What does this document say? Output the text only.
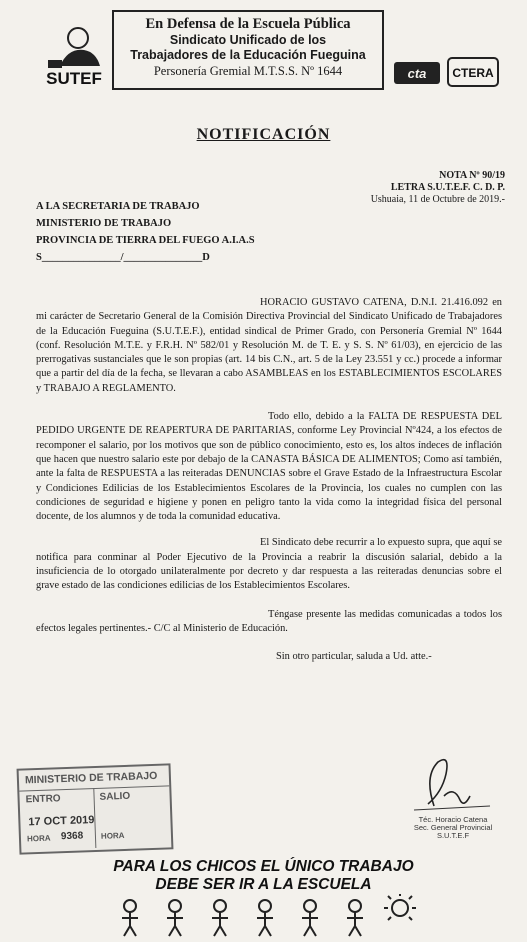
SUTEF
En Defensa de la Escuela Pública
Sindicato Unificado de los
Trabajadores de la Educación Fueguina
Personería Gremial M.T.S.S. Nº 1644	cta CTERA
NOTIFICACIÓN
NOTA Nº 90/19
LETRA S.U.T.E.F. C. D. P.
Ushuaia, 11 de Octubre de 2019.-
A LA SECRETARIA DE TRABAJO
MINISTERIO DE TRABAJO
PROVINCIA DE TIERRA DEL FUEGO A.I.A.S
S_______________/_______________D

HORACIO GUSTAVO CATENA, D.N.I. 21.416.092 en mi carácter de Secretario General de la Comisión Directiva Provincial del Sindicato Unificado de Trabajadores de la Educación Fueguina (S.U.T.E.F.), entidad sindical de Primer Grado, con Personería Gremial Nº 1644 (conf. Resolución M.T.E. y F.R.H. Nº 582/01 y Resolución M. de T. E. y S. S. Nº 61/03), en ejercicio de las prerrogativas sustanciales que le son propias (art. 14 bis C.N., art. 5 de la Ley 23.551 y cc.) procede a informar que a partir del día de la fecha, se llevaran a cabo ASAMBLEAS en los ESTABLECIMIENTOS ESCOLARES y TRABAJO A REGLAMENTO.

Todo ello, debido a la FALTA DE RESPUESTA DEL PEDIDO URGENTE DE REAPERTURA DE PARITARIAS, conforme Ley Provincial Nº424, a los efectos de recomponer el salario, por los motivos que son de público conocimiento, esto es, los altos índeces de inflación que hacen que nuestro salario este por debajo de la CANASTA BÁSICA DE ALIMENTOS; Como así también, ante la falta de RESPUESTA a las reiteradas DENUNCIAS sobre el Grave Estado de la Infraestructura Escolar y Condiciones Edilicias de los Establecimientos Escolares de la Provincia, los cuales no cumplen con las condiciones de seguridad e higiene y ponen en peligro tanto la vida como la integridad física del personal docente, de los alumnos y de toda la comunidad educativa.

El Sindicato debe recurrir a lo expuesto supra, que aquí se notifica para conminar al Poder Ejecutivo de la Provincia a reabrir la discusión salarial, debido a la insuficiencia de lo otorgado unilateralmente por decreto y dar respuesta a las reiteradas denuncias sobre el grave estado de las condiciones edilicias de los Establecimientos Escolares.

Téngase presente las medidas comunicadas a todos los efectos legales pertinentes.- C/C al Ministerio de Educación.

Sin otro particular, saluda a Ud. atte.-

MINISTERIO DE TRABAJO
ENTRO	SALIO
17 OCT 2019
HORA 9368 HORA
Téc. Horacio Catena
Sec. General Provincial
S.U.T.E.F
PARA LOS CHICOS EL ÚNICO TRABAJO
DEBE SER IR A LA ESCUELA
